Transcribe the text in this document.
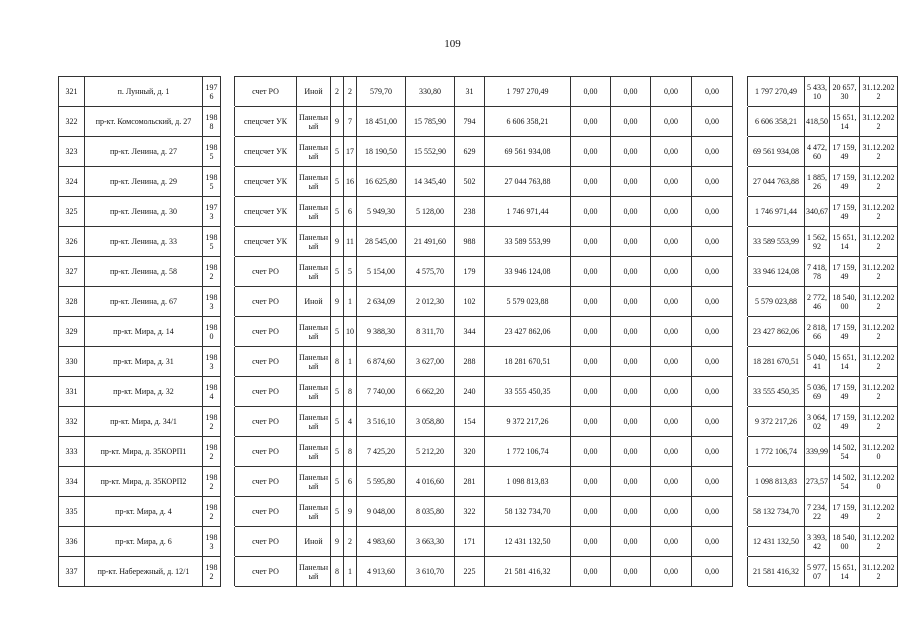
109
321	п. Лунный, д. 1	1976		счет РО	Иной	2	2	579,70	330,80	31	1 797 270,49	0,00	0,00	0,00	0,00		1 797 270,49	5 433,10	20 657,30	31.12.2022
322	пр-кт. Комсомольский, д. 27	1988		спецсчет УК	Панельный	9	7	18 451,00	15 785,90	794	6 606 358,21	0,00	0,00	0,00	0,00		6 606 358,21	418,50	15 651,14	31.12.2022
323	пр-кт. Ленина, д. 27	1985		спецсчет УК	Панельный	5	17	18 190,50	15 552,90	629	69 561 934,08	0,00	0,00	0,00	0,00		69 561 934,08	4 472,60	17 159,49	31.12.2022
324	пр-кт. Ленина, д. 29	1985		спецсчет УК	Панельный	5	16	16 625,80	14 345,40	502	27 044 763,88	0,00	0,00	0,00	0,00		27 044 763,88	1 885,26	17 159,49	31.12.2022
325	пр-кт. Ленина, д. 30	1973		спецсчет УК	Панельный	5	6	5 949,30	5 128,00	238	1 746 971,44	0,00	0,00	0,00	0,00		1 746 971,44	340,67	17 159,49	31.12.2022
326	пр-кт. Ленина, д. 33	1985		спецсчет УК	Панельный	9	11	28 545,00	21 491,60	988	33 589 553,99	0,00	0,00	0,00	0,00		33 589 553,99	1 562,92	15 651,14	31.12.2022
327	пр-кт. Ленина, д. 58	1982		счет РО	Панельный	5	5	5 154,00	4 575,70	179	33 946 124,08	0,00	0,00	0,00	0,00		33 946 124,08	7 418,78	17 159,49	31.12.2022
328	пр-кт. Ленина, д. 67	1983		счет РО	Иной	9	1	2 634,09	2 012,30	102	5 579 023,88	0,00	0,00	0,00	0,00		5 579 023,88	2 772,46	18 540,00	31.12.2022
329	пр-кт. Мира, д. 14	1980		счет РО	Панельный	5	10	9 388,30	8 311,70	344	23 427 862,06	0,00	0,00	0,00	0,00		23 427 862,06	2 818,66	17 159,49	31.12.2022
330	пр-кт. Мира, д. 31	1983		счет РО	Панельный	8	1	6 874,60	3 627,00	288	18 281 670,51	0,00	0,00	0,00	0,00		18 281 670,51	5 040,41	15 651,14	31.12.2022
331	пр-кт. Мира, д. 32	1984		счет РО	Панельный	5	8	7 740,00	6 662,20	240	33 555 450,35	0,00	0,00	0,00	0,00		33 555 450,35	5 036,69	17 159,49	31.12.2022
332	пр-кт. Мира, д. 34/1	1982		счет РО	Панельный	5	4	3 516,10	3 058,80	154	9 372 217,26	0,00	0,00	0,00	0,00		9 372 217,26	3 064,02	17 159,49	31.12.2022
333	пр-кт. Мира, д. 35КОРП1	1982		счет РО	Панельный	5	8	7 425,20	5 212,20	320	1 772 106,74	0,00	0,00	0,00	0,00		1 772 106,74	339,99	14 502,54	31.12.2020
334	пр-кт. Мира, д. 35КОРП2	1982		счет РО	Панельный	5	6	5 595,80	4 016,60	281	1 098 813,83	0,00	0,00	0,00	0,00		1 098 813,83	273,57	14 502,54	31.12.2020
335	пр-кт. Мира, д. 4	1982		счет РО	Панельный	5	9	9 048,00	8 035,80	322	58 132 734,70	0,00	0,00	0,00	0,00		58 132 734,70	7 234,22	17 159,49	31.12.2022
336	пр-кт. Мира, д. 6	1983		счет РО	Иной	9	2	4 983,60	3 663,30	171	12 431 132,50	0,00	0,00	0,00	0,00		12 431 132,50	3 393,42	18 540,00	31.12.2022
337	пр-кт. Набережный, д. 12/1	1982		счет РО	Панельный	8	1	4 913,60	3 610,70	225	21 581 416,32	0,00	0,00	0,00	0,00		21 581 416,32	5 977,07	15 651,14	31.12.2022
